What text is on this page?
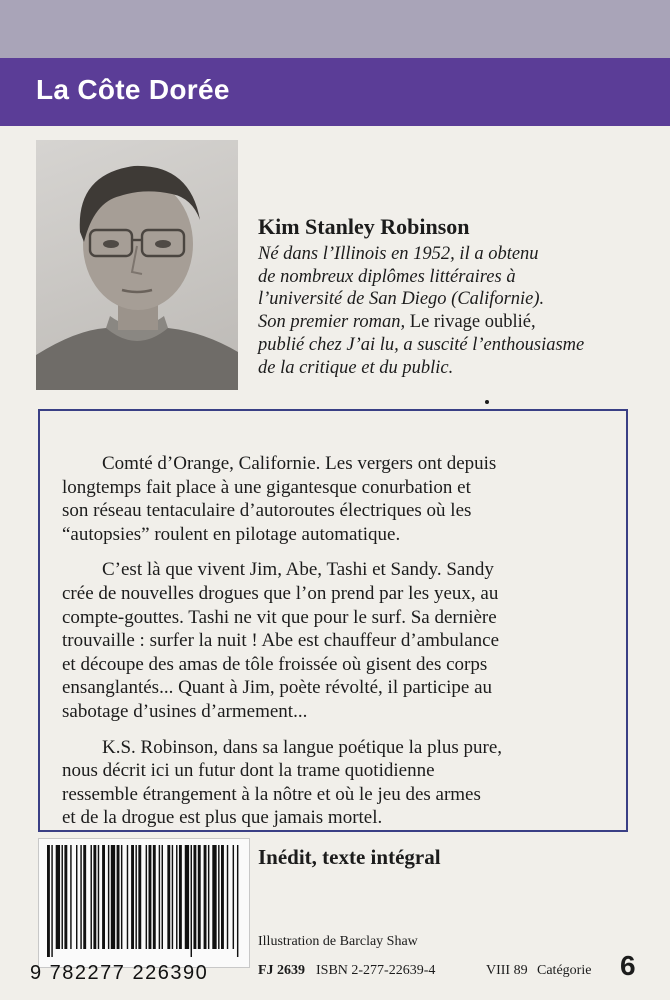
La Côte Dorée
Kim Stanley Robinson
Né dans l’Illinois en 1952, il a obtenu
de nombreux diplômes littéraires à
l’université de San Diego (Californie).
Son premier roman, Le rivage oublié,
publié chez J’ai lu, a suscité l’enthousiasme
de la critique et du public.
Comté d’Orange, Californie. Les vergers ont depuis
longtemps fait place à une gigantesque conurbation et
son réseau tentaculaire d’autoroutes électriques où les
“autopsies” roulent en pilotage automatique.
C’est là que vivent Jim, Abe, Tashi et Sandy. Sandy
crée de nouvelles drogues que l’on prend par les yeux, au
compte-gouttes. Tashi ne vit que pour le surf. Sa dernière
trouvaille : surfer la nuit ! Abe est chauffeur d’ambulance
et découpe des amas de tôle froissée où gisent des corps
ensanglantés... Quant à Jim, poète révolté, il participe au
sabotage d’usines d’armement...
K.S. Robinson, dans sa langue poétique la plus pure,
nous décrit ici un futur dont la trame quotidienne
ressemble étrangement à la nôtre et où le jeu des armes
et de la drogue est plus que jamais mortel.
9 782277 226390
Inédit, texte intégral
Illustration de Barclay Shaw
FJ 2639 ISBN 2-277-22639-4	VIII 89 Catégorie 6
